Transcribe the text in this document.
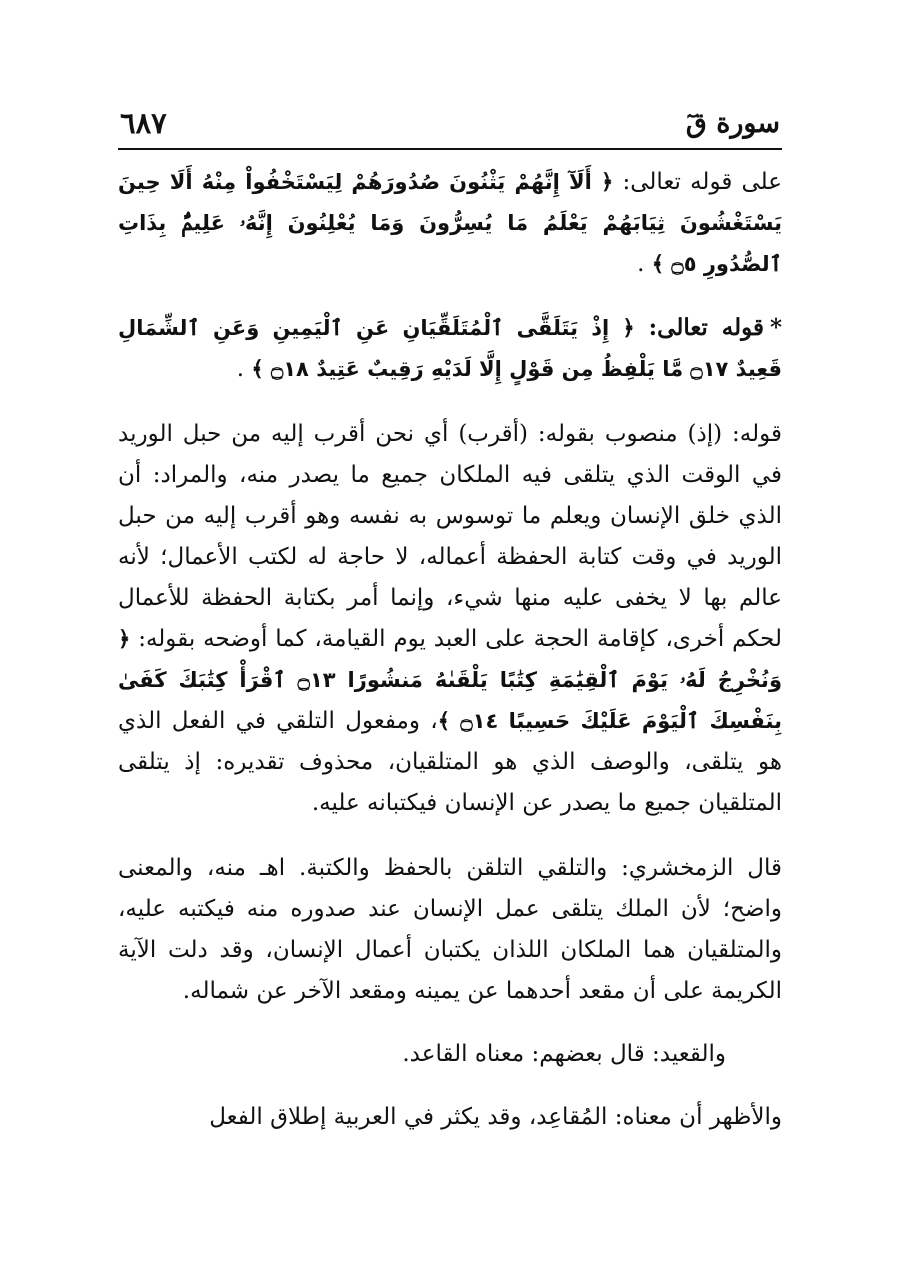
سورة قٓ
٦٨٧

على قوله تعالى: ﴿ أَلَآ إِنَّهُمْ يَثْنُونَ صُدُورَهُمْ لِيَسْتَخْفُواْ مِنْهُ أَلَا حِينَ يَسْتَغْشُونَ ثِيَابَهُمْ يَعْلَمُ مَا يُسِرُّونَ وَمَا يُعْلِنُونَ إِنَّهُۥ عَلِيمٌۢ بِذَاتِ ٱلصُّدُورِ ۝٥ ﴾ .

*قوله تعالى: ﴿ إِذْ يَتَلَقَّى ٱلْمُتَلَقِّيَانِ عَنِ ٱلْيَمِينِ وَعَنِ ٱلشِّمَالِ قَعِيدٌ ۝١٧ مَّا يَلْفِظُ مِن قَوْلٍ إِلَّا لَدَيْهِ رَقِيبٌ عَتِيدٌ ۝١٨ ﴾ .

قوله: (إذ) منصوب بقوله: (أقرب) أي نحن أقرب إليه من حبل الوريد في الوقت الذي يتلقى فيه الملكان جميع ما يصدر منه، والمراد: أن الذي خلق الإنسان ويعلم ما توسوس به نفسه وهو أقرب إليه من حبل الوريد في وقت كتابة الحفظة أعماله، لا حاجة له لكتب الأعمال؛ لأنه عالم بها لا يخفى عليه منها شيء، وإنما أمر بكتابة الحفظة للأعمال لحكم أخرى، كإقامة الحجة على العبد يوم القيامة، كما أوضحه بقوله: ﴿ وَنُخْرِجُ لَهُۥ يَوْمَ ٱلْقِيَٰمَةِ كِتَٰبًا يَلْقَىٰهُ مَنشُورًا ۝١٣ ٱقْرَأْ كِتَٰبَكَ كَفَىٰ بِنَفْسِكَ ٱلْيَوْمَ عَلَيْكَ حَسِيبًا ۝١٤ ﴾، ومفعول التلقي في الفعل الذي هو يتلقى، والوصف الذي هو المتلقيان، محذوف تقديره: إذ يتلقى المتلقيان جميع ما يصدر عن الإنسان فيكتبانه عليه.

قال الزمخشري: والتلقي التلقن بالحفظ والكتبة. اهـ منه، والمعنى واضح؛ لأن الملك يتلقى عمل الإنسان عند صدوره منه فيكتبه عليه، والمتلقيان هما الملكان اللذان يكتبان أعمال الإنسان، وقد دلت الآية الكريمة على أن مقعد أحدهما عن يمينه ومقعد الآخر عن شماله.

والقعيد: قال بعضهم: معناه القاعد.

والأظهر أن معناه: المُقاعِد، وقد يكثر في العربية إطلاق الفعل
